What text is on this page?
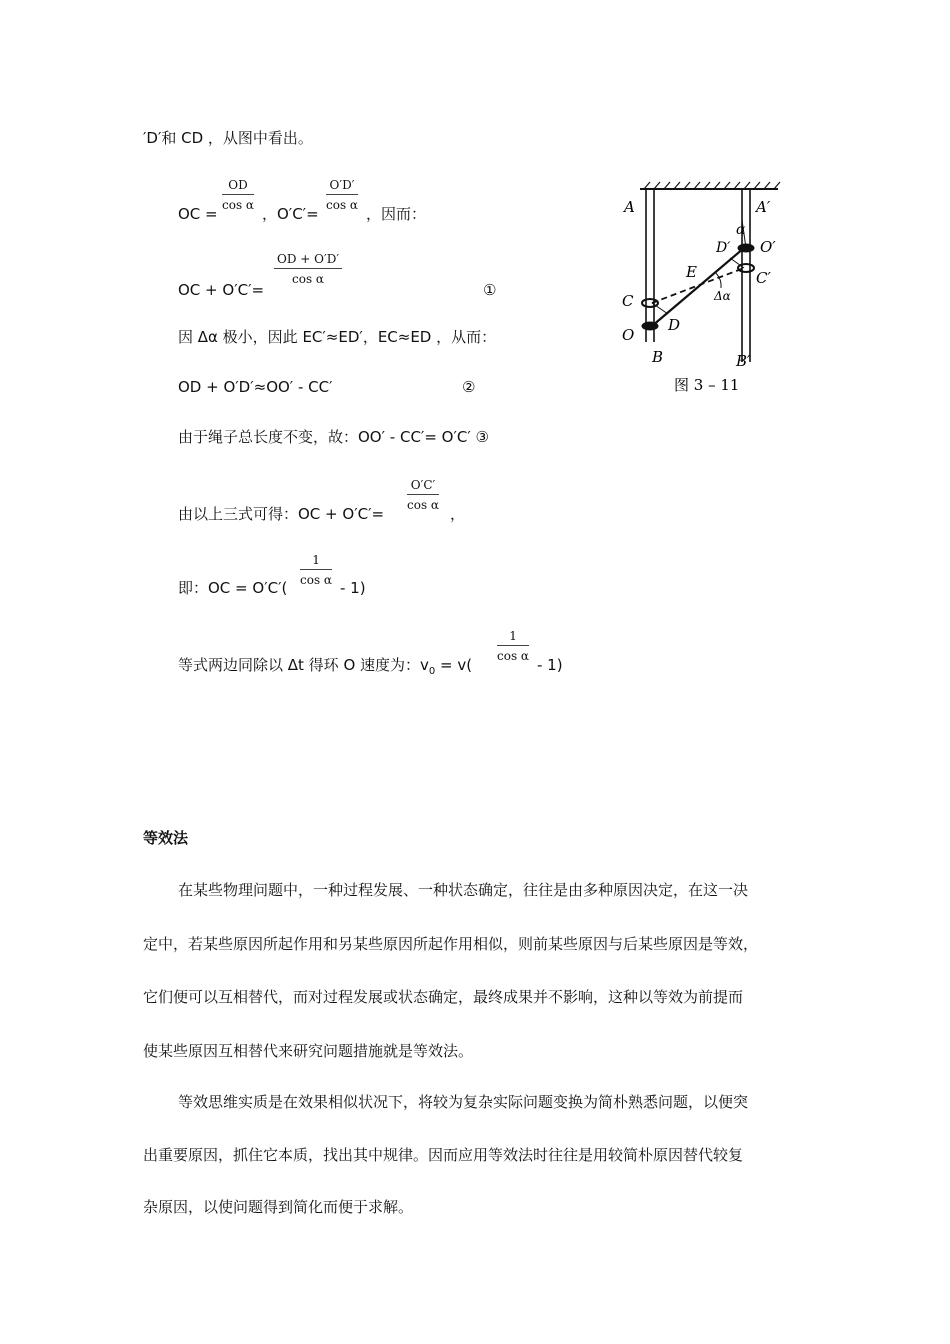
′D′和 CD ，从图中看出。
OC =
$\frac{OD}{\text{cos α}}$
，O′C′=
$\frac{O'D'}{\text{cos α}}$
，因而：
OC + O′C′=
$\frac{OD + O'D'}{\text{cos α}}$
①
因 Δα 极小，因此 EC′≈ED′，EC≈ED ，从而：
OD + O′D′≈OO′ - CC′	②
由于绳子总长度不变，故：OO′ - CC′= O′C′ ③
由以上三式可得：OC + O′C′=
$\frac{O'C'}{\text{cos α}}$
，
即：OC = O′C′(
$\frac{1}{\text{cos α}}$
- 1)
等式两边同除以 Δt 得环 O 速度为：$v_0 = v$(
$\frac{1}{\text{cos α}}$
- 1)
A	A′
α
D′ O′
C′
E
Δα
C
O
D
B	B′
图 3 – 11
等效法
在某些物理问题中，一种过程发展、一种状态确定，往往是由多种原因决定，在这一决
定中，若某些原因所起作用和另某些原因所起作用相似，则前某些原因与后某些原因是等效，
它们便可以互相替代，而对过程发展或状态确定，最终成果并不影响，这种以等效为前提而
使某些原因互相替代来研究问题措施就是等效法。
等效思维实质是在效果相似状况下，将较为复杂实际问题变换为简朴熟悉问题，以便突
出重要原因，抓住它本质，找出其中规律。因而应用等效法时往往是用较简朴原因替代较复
杂原因，以使问题得到简化而便于求解。
